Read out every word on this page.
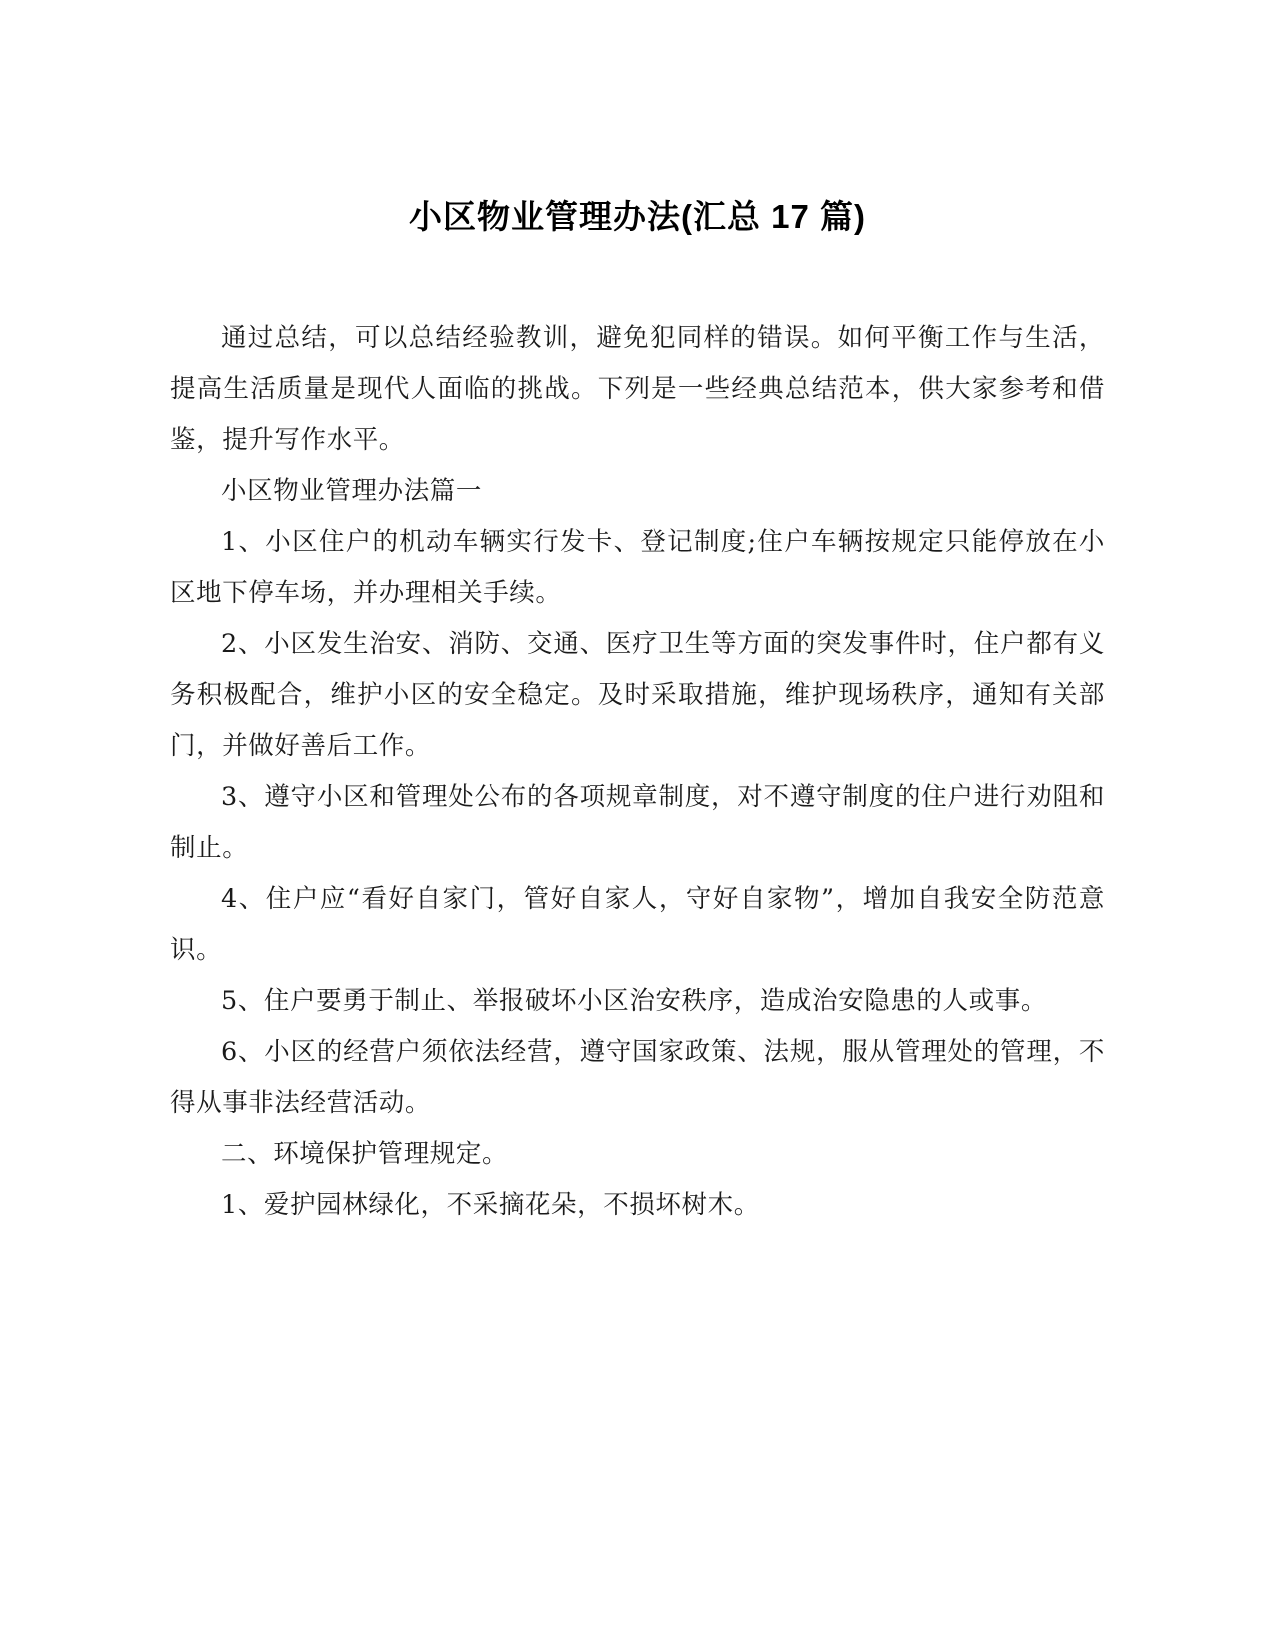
小区物业管理办法(汇总 17 篇)

通过总结，可以总结经验教训，避免犯同样的错误。如何平衡工作与生活，提高生活质量是现代人面临的挑战。下列是一些经典总结范本，供大家参考和借鉴，提升写作水平。

小区物业管理办法篇一

1、小区住户的机动车辆实行发卡、登记制度;住户车辆按规定只能停放在小区地下停车场，并办理相关手续。

2、小区发生治安、消防、交通、医疗卫生等方面的突发事件时，住户都有义务积极配合，维护小区的安全稳定。及时采取措施，维护现场秩序，通知有关部门，并做好善后工作。

3、遵守小区和管理处公布的各项规章制度，对不遵守制度的住户进行劝阻和制止。

4、住户应“看好自家门，管好自家人，守好自家物”，增加自我安全防范意识。

5、住户要勇于制止、举报破坏小区治安秩序，造成治安隐患的人或事。

6、小区的经营户须依法经营，遵守国家政策、法规，服从管理处的管理，不得从事非法经营活动。

二、环境保护管理规定。

1、爱护园林绿化，不采摘花朵，不损坏树木。
